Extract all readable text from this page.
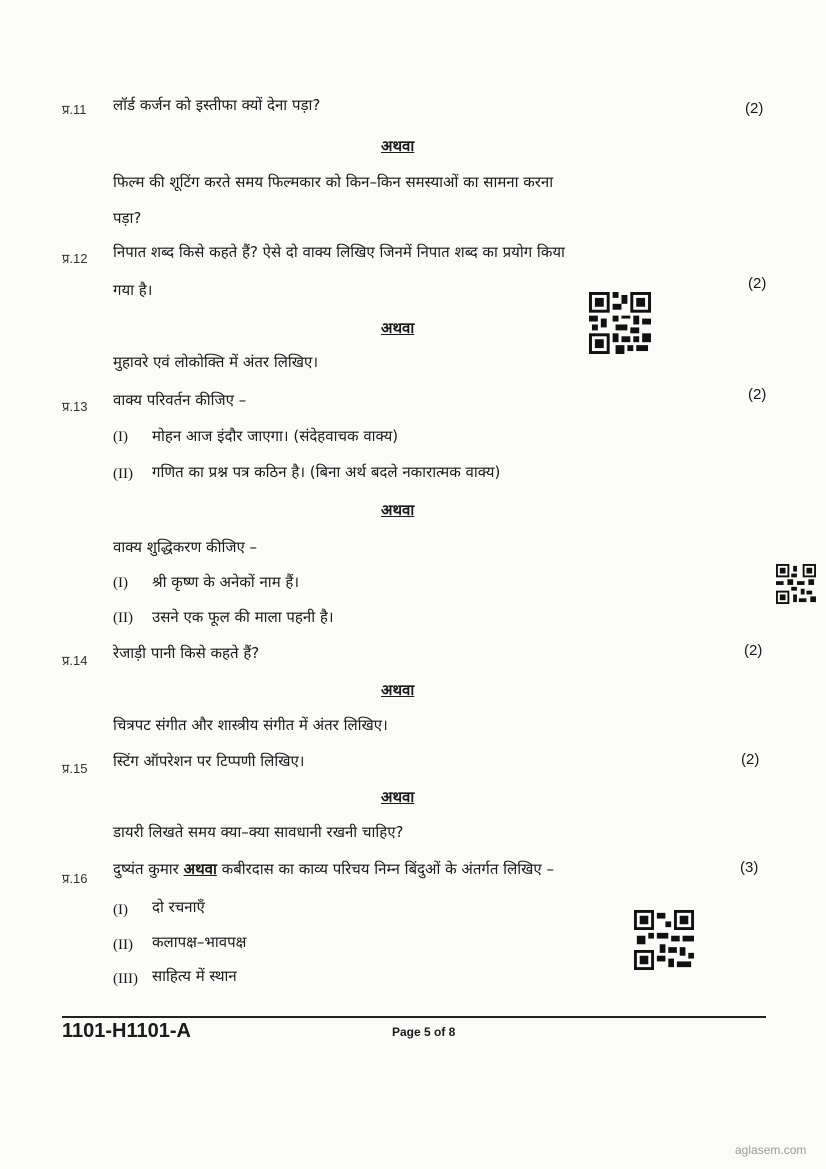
प्र.11 लॉर्ड कर्जन को इस्तीफा क्यों देना पड़ा?	(2)
अथवा
फिल्म की शूटिंग करते समय फिल्मकार को किन–किन समस्याओं का सामना करना
पड़ा?
प्र.12 निपात शब्द किसे कहते हैं? ऐसे दो वाक्य लिखिए जिनमें निपात शब्द का प्रयोग किया
गया है।	(2)
अथवा
मुहावरे एवं लोकोक्ति में अंतर लिखिए।
प्र.13 वाक्य परिवर्तन कीजिए –	(2)
(I) मोहन आज इंदौर जाएगा। (संदेहवाचक वाक्य)
(II) गणित का प्रश्न पत्र कठिन है। (बिना अर्थ बदले नकारात्मक वाक्य)
अथवा
वाक्य शुद्धिकरण कीजिए –
(I) श्री कृष्ण के अनेकों नाम हैं।
(II) उसने एक फूल की माला पहनी है।
प्र.14 रेजाड़ी पानी किसे कहते हैं?	(2)
अथवा
चित्रपट संगीत और शास्त्रीय संगीत में अंतर लिखिए।
प्र.15 स्टिंग ऑपरेशन पर टिप्पणी लिखिए।	(2)
अथवा
डायरी लिखते समय क्या–क्या सावधानी रखनी चाहिए?
प्र.16
दुष्यंत कुमार अथवा कबीरदास का काव्य परिचय निम्न बिंदुओं के अंतर्गत लिखिए –	(3)
(I) दो रचनाएँ
(II) कलापक्ष–भावपक्ष
(III) साहित्य में स्थान
1101-H1101-A	Page 5 of 8
aglasem.com
